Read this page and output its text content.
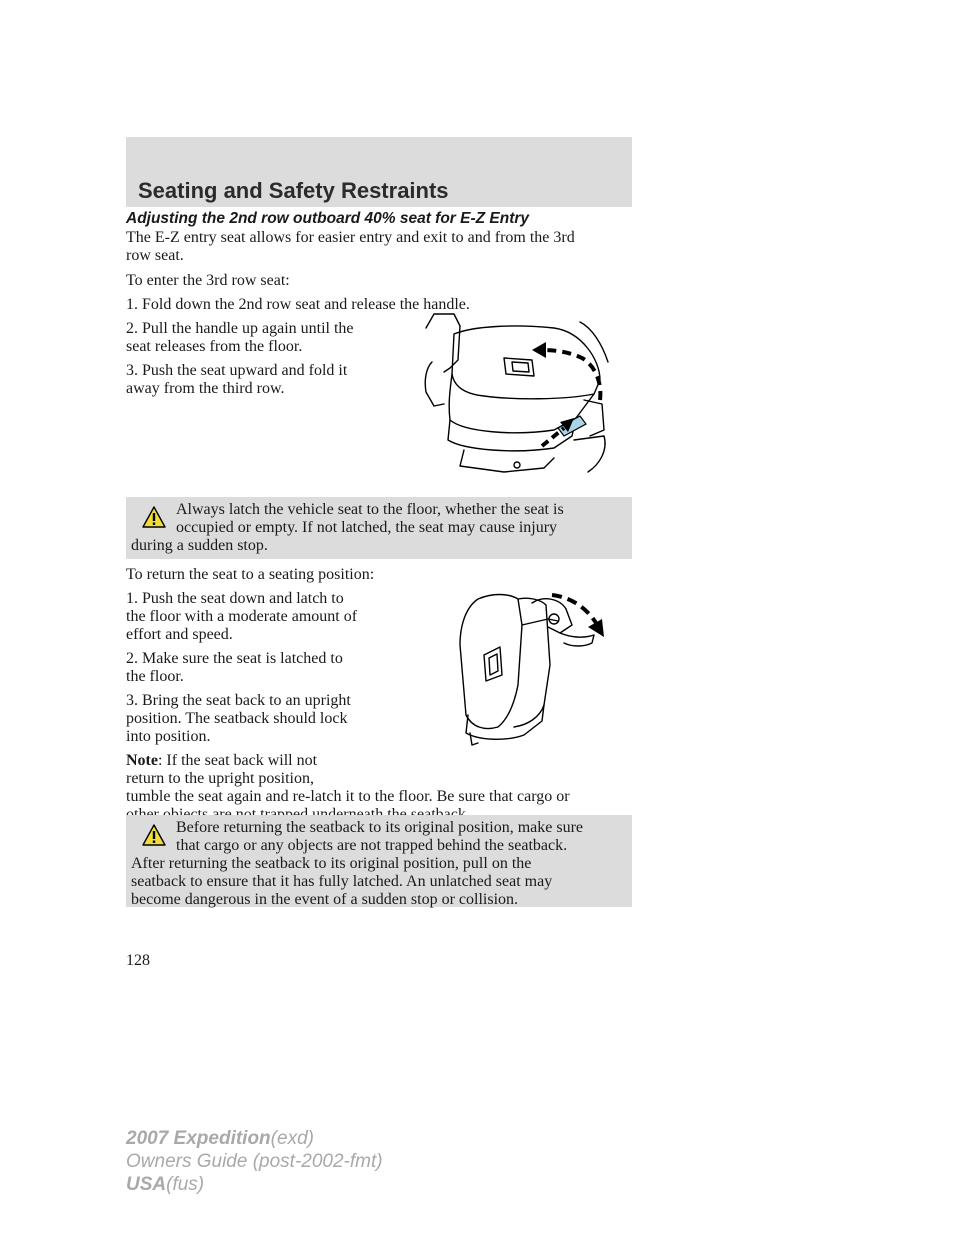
Seating and Safety Restraints
Adjusting the 2nd row outboard 40% seat for E-Z Entry
The E-Z entry seat allows for easier entry and exit to and from the 3rd
row seat.
To enter the 3rd row seat:
1. Fold down the 2nd row seat and release the handle.
2. Pull the handle up again until the
seat releases from the floor.
3. Push the seat upward and fold it
away from the third row.
Always latch the vehicle seat to the floor, whether the seat is
occupied or empty. If not latched, the seat may cause injury
during a sudden stop.
To return the seat to a seating position:
1. Push the seat down and latch to
the floor with a moderate amount of
effort and speed.
2. Make sure the seat is latched to
the floor.
3. Bring the seat back to an upright
position. The seatback should lock
into position.
Note: If the seat back will not
return to the upright position,
tumble the seat again and re-latch it to the floor. Be sure that cargo or
Before returning the seatback to its original position, make sure
that cargo or any objects are not trapped behind the seatback.
After returning the seatback to its original position, pull on the
seatback to ensure that it has fully latched. An unlatched seat may
become dangerous in the event of a sudden stop or collision.
128
2007 Expedition(exd)
Owners Guide (post-2002-fmt)
USA(fus)
